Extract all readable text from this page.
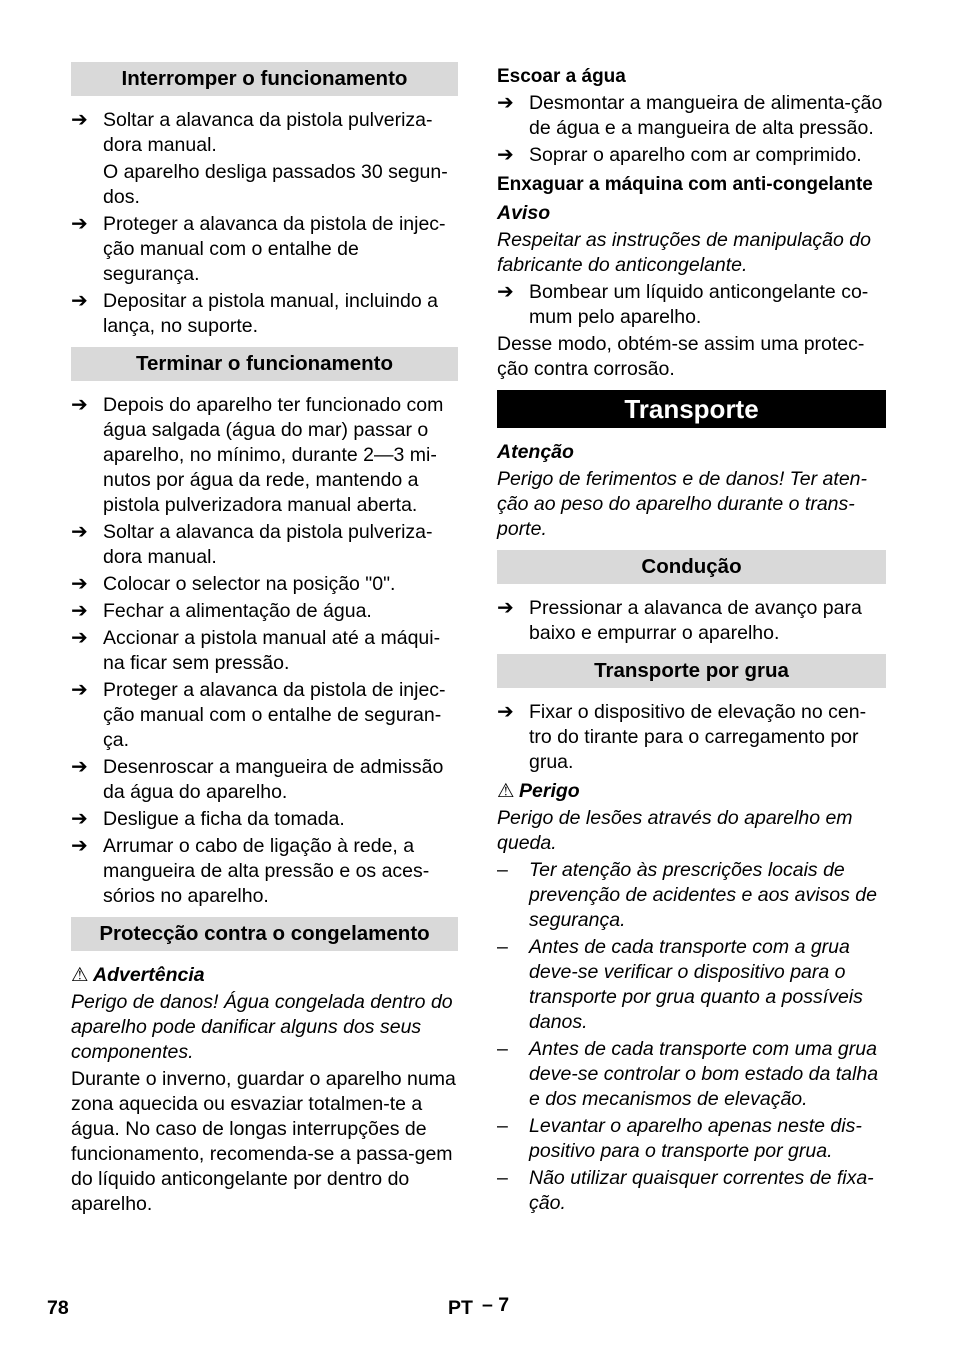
Interromper o funcionamento
➔ Soltar a alavanca da pistola pulveriza-dora manual.
O aparelho desliga passados 30 segun-dos.
➔ Proteger a alavanca da pistola de injec-ção manual com o entalhe de segurança.
➔ Depositar a pistola manual, incluindo a lança, no suporte.
Terminar o funcionamento
➔ Depois do aparelho ter funcionado com água salgada (água do mar) passar o aparelho, no mínimo, durante 2—3 mi-nutos por água da rede, mantendo a pistola pulverizadora manual aberta.
➔ Soltar a alavanca da pistola pulveriza-dora manual.
➔ Colocar o selector na posição "0".
➔ Fechar a alimentação de água.
➔ Accionar a pistola manual até a máqui-na ficar sem pressão.
➔ Proteger a alavanca da pistola de injec-ção manual com o entalhe de seguran-ça.
➔ Desenroscar a mangueira de admissão da água do aparelho.
➔ Desligue a ficha da tomada.
➔ Arrumar o cabo de ligação à rede, a mangueira de alta pressão e os aces-sórios no aparelho.
Protecção contra o congelamento
⚠ Advertência
Perigo de danos! Água congelada dentro do aparelho pode danificar alguns dos seus componentes.
Durante o inverno, guardar o aparelho numa zona aquecida ou esvaziar totalmen-te a água. No caso de longas interrupções de funcionamento, recomenda-se a passa-gem do líquido anticongelante por dentro do aparelho.
Escoar a água
➔ Desmontar a mangueira de alimenta-ção de água e a mangueira de alta pressão.
➔ Soprar o aparelho com ar comprimido.
Enxaguar a máquina com anti-congelante
Aviso
Respeitar as instruções de manipulação do fabricante do anticongelante.
➔ Bombear um líquido anticongelante co-mum pelo aparelho.
Desse modo, obtém-se assim uma protec-ção contra corrosão.
Transporte
Atenção
Perigo de ferimentos e de danos! Ter aten-ção ao peso do aparelho durante o trans-porte.
Condução
➔ Pressionar a alavanca de avanço para baixo e empurrar o aparelho.
Transporte por grua
➔ Fixar o dispositivo de elevação no cen-tro do tirante para o carregamento por grua.
⚠ Perigo
Perigo de lesões através do aparelho em queda.
– Ter atenção às prescrições locais de prevenção de acidentes e aos avisos de segurança.
– Antes de cada transporte com a grua deve-se verificar o dispositivo para o transporte por grua quanto a possíveis danos.
– Antes de cada transporte com uma grua deve-se controlar o bom estado da talha e dos mecanismos de elevação.
– Levantar o aparelho apenas neste dis-positivo para o transporte por grua.
– Não utilizar quaisquer correntes de fixa-ção.
78	PT – 7
